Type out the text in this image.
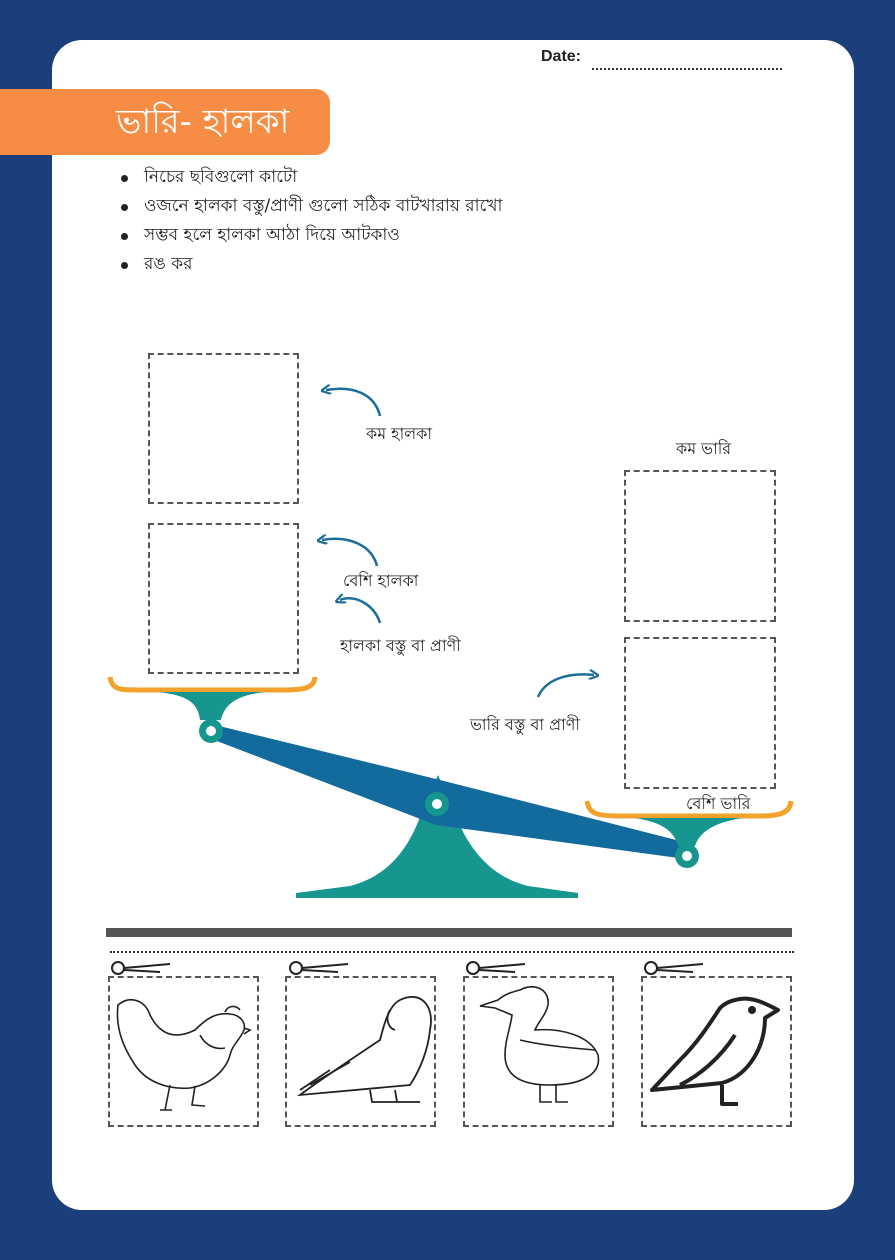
Date:
ভারি- হালকা
নিচের ছবিগুলো কাটো
ওজনে হালকা বস্তু/প্রাণী গুলো সঠিক বাটখারায় রাখো
সম্ভব হলে হালকা আঠা দিয়ে আটকাও
রঙ কর
কম হালকা
বেশি হালকা
হালকা বস্তু বা প্রাণী
কম ভারি
ভারি বস্তু বা প্রাণী
বেশি ভারি
